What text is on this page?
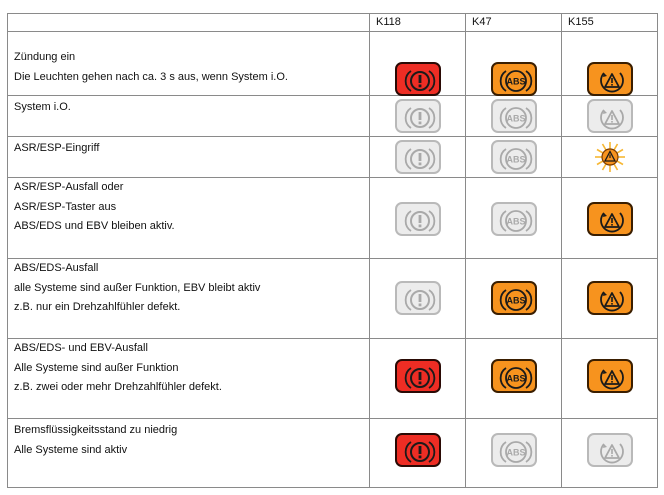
	K118	K47	K155

Zündung ein
Die Leuchten gehen nach ca. 3 s aus, wenn System i.O.		ABS

System i.O.		ABS

ASR/ESP-Eingriff		ABS

ASR/ESP-Ausfall oder
ASR/ESP-Taster aus
ABS/EDS und EBV bleiben aktiv.		ABS

ABS/EDS-Ausfall
alle Systeme sind außer Funktion, EBV bleibt aktiv
z.B. nur ein Drehzahlfühler defekt.		ABS

ABS/EDS- und EBV-Ausfall
Alle Systeme sind außer Funktion
z.B. zwei oder mehr Drehzahlfühler defekt.		ABS

Bremsflüssigkeitsstand zu niedrig
Alle Systeme sind aktiv		ABS
